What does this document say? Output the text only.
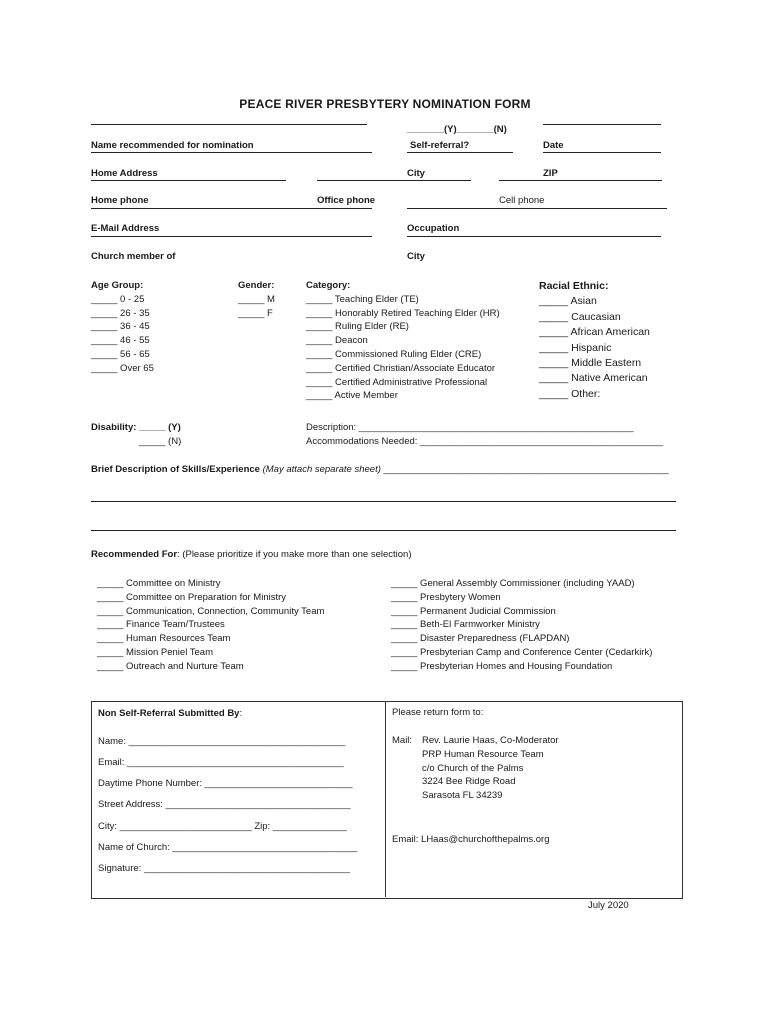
PEACE RIVER PRESBYTERY NOMINATION FORM
_______(Y)_______(N)
Name recommended for nomination	Self-referral?	Date
Home Address	City	ZIP
Home phone	Office phone	Cell phone
E-Mail Address	Occupation
Church member of	City
Age Group:
_____ 0 - 25
_____ 26 - 35
_____ 36 - 45
_____ 46 - 55
_____ 56 - 65
_____ Over 65
Gender:
_____ M
_____ F
Category:
_____ Teaching Elder (TE)
_____ Honorably Retired Teaching Elder (HR)
_____ Ruling Elder (RE)
_____ Deacon
_____ Commissioned Ruling Elder (CRE)
_____ Certified Christian/Associate Educator
_____ Certified Administrative Professional
_____ Active Member
Racial Ethnic:
_____ Asian
_____ Caucasian
_____ African American
_____ Hispanic
_____ Middle Eastern
_____ Native American
_____ Other:
Disability: _____ (Y)
_____ (N)
Description: ____________________________________________________
Accommodations Needed: ______________________________________________
Brief Description of Skills/Experience (May attach separate sheet) ______________________________________________________
Recommended For: (Please prioritize if you make more than one selection)
_____ Committee on Ministry
_____ Committee on Preparation for Ministry
_____ Communication, Connection, Community Team
_____ Finance Team/Trustees
_____ Human Resources Team
_____ Mission Peniel Team
_____ Outreach and Nurture Team
_____ General Assembly Commissioner (including YAAD)
_____ Presbytery Women
_____ Permanent Judicial Commission
_____ Beth-El Farmworker Ministry
_____ Disaster Preparedness (FLAPDAN)
_____ Presbyterian Camp and Conference Center (Cedarkirk)
_____ Presbyterian Homes and Housing Foundation
Non Self-Referral Submitted By:
Name: _________________________________________
Email: _________________________________________
Daytime Phone Number: ____________________________
Street Address: ___________________________________
City: _________________________ Zip: ______________
Name of Church: ___________________________________
Signature: _______________________________________
Please return form to:
Mail: Rev. Laurie Haas, Co-Moderator
PRP Human Resource Team
c/o Church of the Palms
3224 Bee Ridge Road
Sarasota FL 34239
Email: LHaas@churchofthepalms.org
July 2020
